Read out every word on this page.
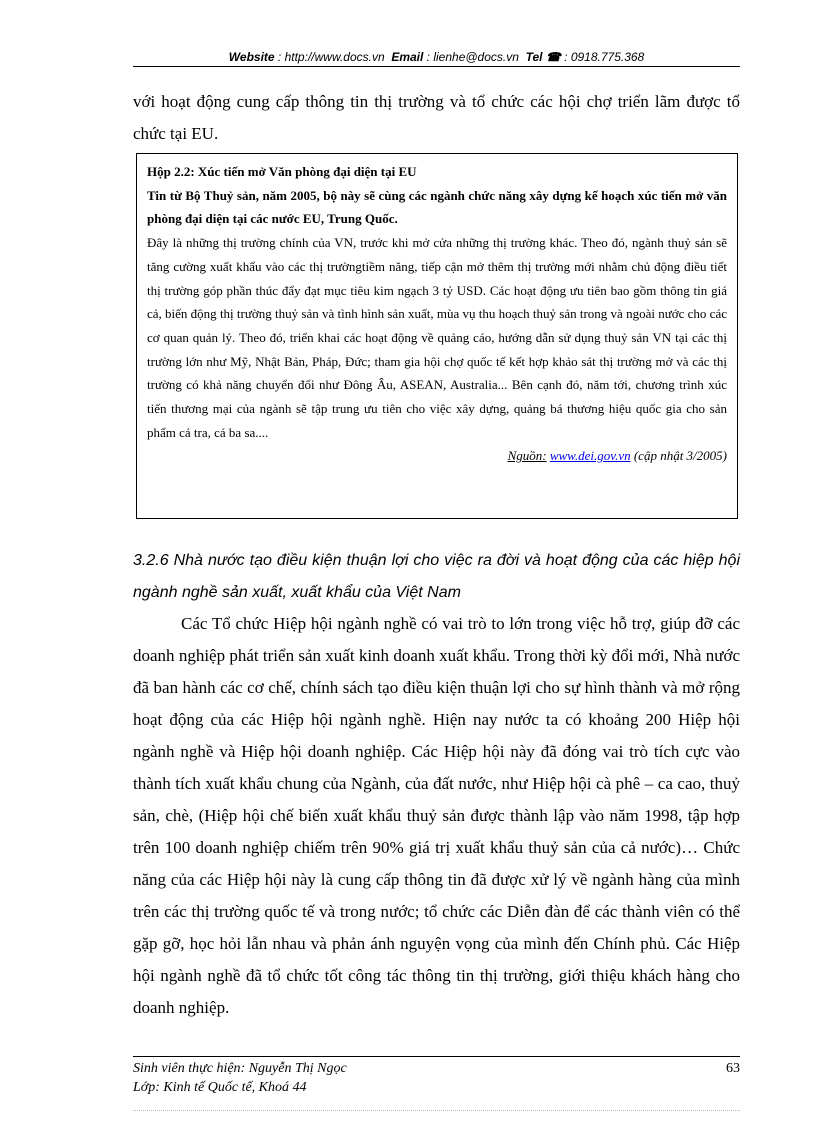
Website : http://www.docs.vn Email : lienhe@docs.vn Tel ☎ : 0918.775.368

với hoạt động cung cấp thông tin thị trường và tổ chức các hội chợ triển lãm được tổ chức tại EU.

Hộp 2.2: Xúc tiến mở Văn phòng đại diện tại EU

Tin từ Bộ Thuỷ sản, năm 2005, bộ này sẽ cùng các ngành chức năng xây dựng kế hoạch xúc tiến mở văn phòng đại diện tại các nước EU, Trung Quốc.

Đây là những thị trường chính của VN, trước khi mở cửa những thị trường khác. Theo đó, ngành thuỷ sản sẽ tăng cường xuất khẩu vào các thị trườngtiềm năng, tiếp cận mở thêm thị trường mới nhằm chủ động điều tiết thị trường góp phần thúc đẩy đạt mục tiêu kim ngạch 3 tỷ USD. Các hoạt động ưu tiên bao gồm thông tin giá cả, biến động thị trường thuỷ sản và tình hình sản xuất, mùa vụ thu hoạch thuỷ sản trong và ngoài nước cho các cơ quan quản lý. Theo đó, triển khai các hoạt động về quảng cáo, hướng dẫn sử dụng thuỷ sản VN tại các thị trường lớn như Mỹ, Nhật Bản, Pháp, Đức; tham gia hội chợ quốc tế kết hợp khảo sát thị trường mở và các thị trường có khả năng chuyển đổi như Đông Âu, ASEAN, Australia... Bên cạnh đó, năm tới, chương trình xúc tiến thương mại của ngành sẽ tập trung ưu tiên cho việc xây dựng, quảng bá thương hiệu quốc gia cho sản phẩm cá tra, cá ba sa....

Nguồn: www.dei.gov.vn (cập nhật 3/2005)

3.2.6 Nhà nước tạo điều kiện thuận lợi cho việc ra đời và hoạt động của các hiệp hội ngành nghề sản xuất, xuất khẩu của Việt Nam

Các Tổ chức Hiệp hội ngành nghề có vai trò to lớn trong việc hỗ trợ, giúp đỡ các doanh nghiệp phát triển sản xuất kinh doanh xuất khẩu. Trong thời kỳ đổi mới, Nhà nước đã ban hành các cơ chế, chính sách tạo điều kiện thuận lợi cho sự hình thành và mở rộng hoạt động của các Hiệp hội ngành nghề. Hiện nay nước ta có khoảng 200 Hiệp hội ngành nghề và Hiệp hội doanh nghiệp. Các Hiệp hội này đã đóng vai trò tích cực vào thành tích xuất khẩu chung của Ngành, của đất nước, như Hiệp hội cà phê – ca cao, thuỷ sản, chè, (Hiệp hội chế biến xuất khẩu thuỷ sản được thành lập vào năm 1998, tập hợp trên 100 doanh nghiệp chiếm trên 90% giá trị xuất khẩu thuỷ sản của cả nước)… Chức năng của các Hiệp hội này là cung cấp thông tin đã được xử lý về ngành hàng của mình trên các thị trường quốc tế và trong nước; tổ chức các Diễn đàn để các thành viên có thể gặp gỡ, học hỏi lẫn nhau và phản ánh nguyện vọng của mình đến Chính phủ. Các Hiệp hội ngành nghề đã tổ chức tốt công tác thông tin thị trường, giới thiệu khách hàng cho doanh nghiệp.

Sinh viên thực hiện: Nguyễn Thị Ngọc
Lớp: Kinh tế Quốc tế, Khoá 44
63
